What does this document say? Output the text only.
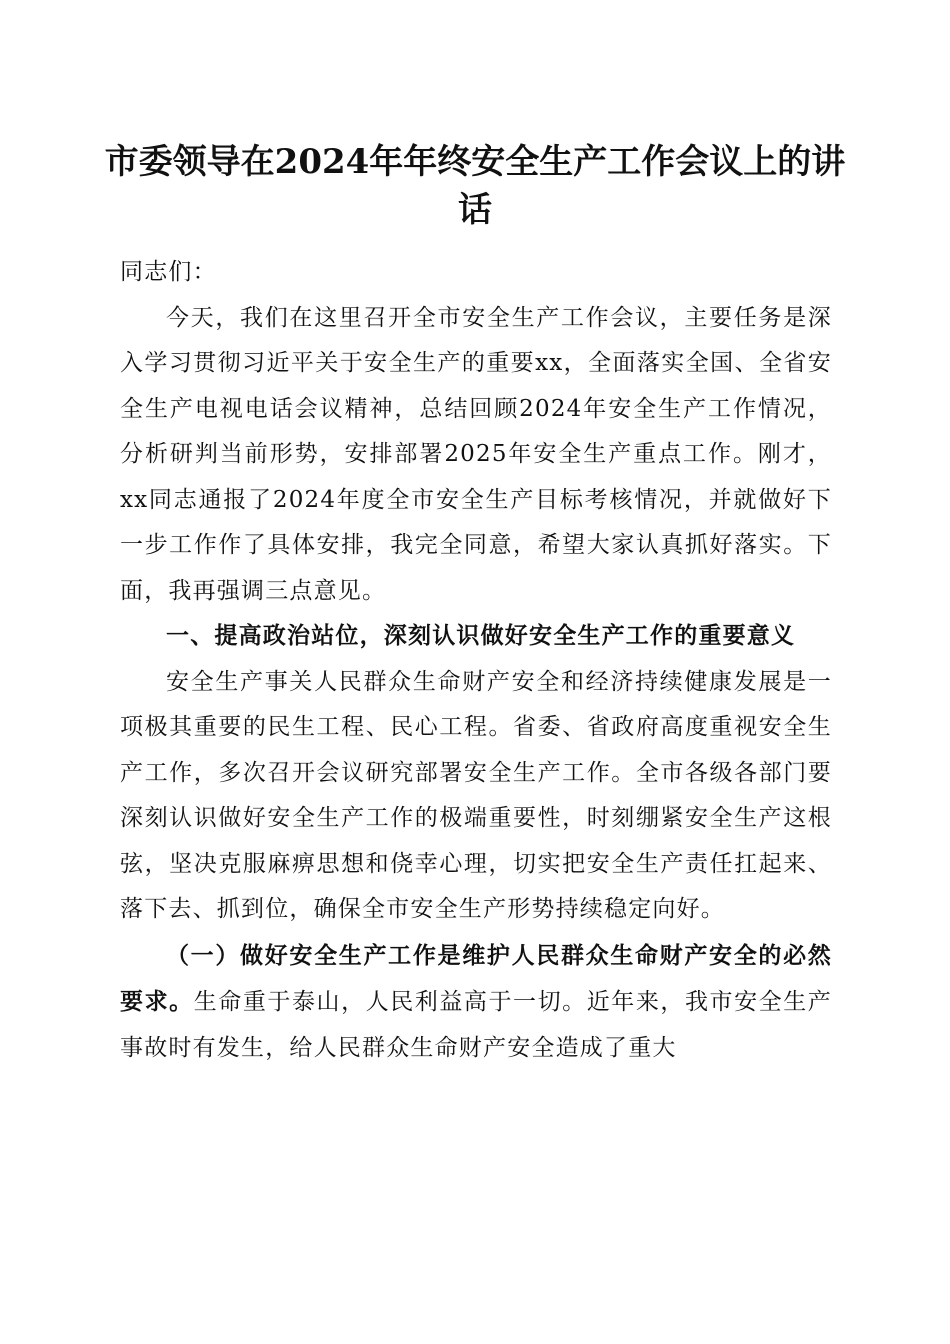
市委领导在2024年年终安全生产工作会议上的讲话

同志们：

今天，我们在这里召开全市安全生产工作会议，主要任务是深入学习贯彻习近平关于安全生产的重要xx，全面落实全国、全省安全生产电视电话会议精神，总结回顾2024年安全生产工作情况，分析研判当前形势，安排部署2025年安全生产重点工作。刚才，xx同志通报了2024年度全市安全生产目标考核情况，并就做好下一步工作作了具体安排，我完全同意，希望大家认真抓好落实。下面，我再强调三点意见。

一、提高政治站位，深刻认识做好安全生产工作的重要意义

安全生产事关人民群众生命财产安全和经济持续健康发展是一项极其重要的民生工程、民心工程。省委、省政府高度重视安全生产工作，多次召开会议研究部署安全生产工作。全市各级各部门要深刻认识做好安全生产工作的极端重要性，时刻绷紧安全生产这根弦，坚决克服麻痹思想和侥幸心理，切实把安全生产责任扛起来、落下去、抓到位，确保全市安全生产形势持续稳定向好。

（一）做好安全生产工作是维护人民群众生命财产安全的必然要求。生命重于泰山，人民利益高于一切。近年来，我市安全生产事故时有发生，给人民群众生命财产安全造成了重大
